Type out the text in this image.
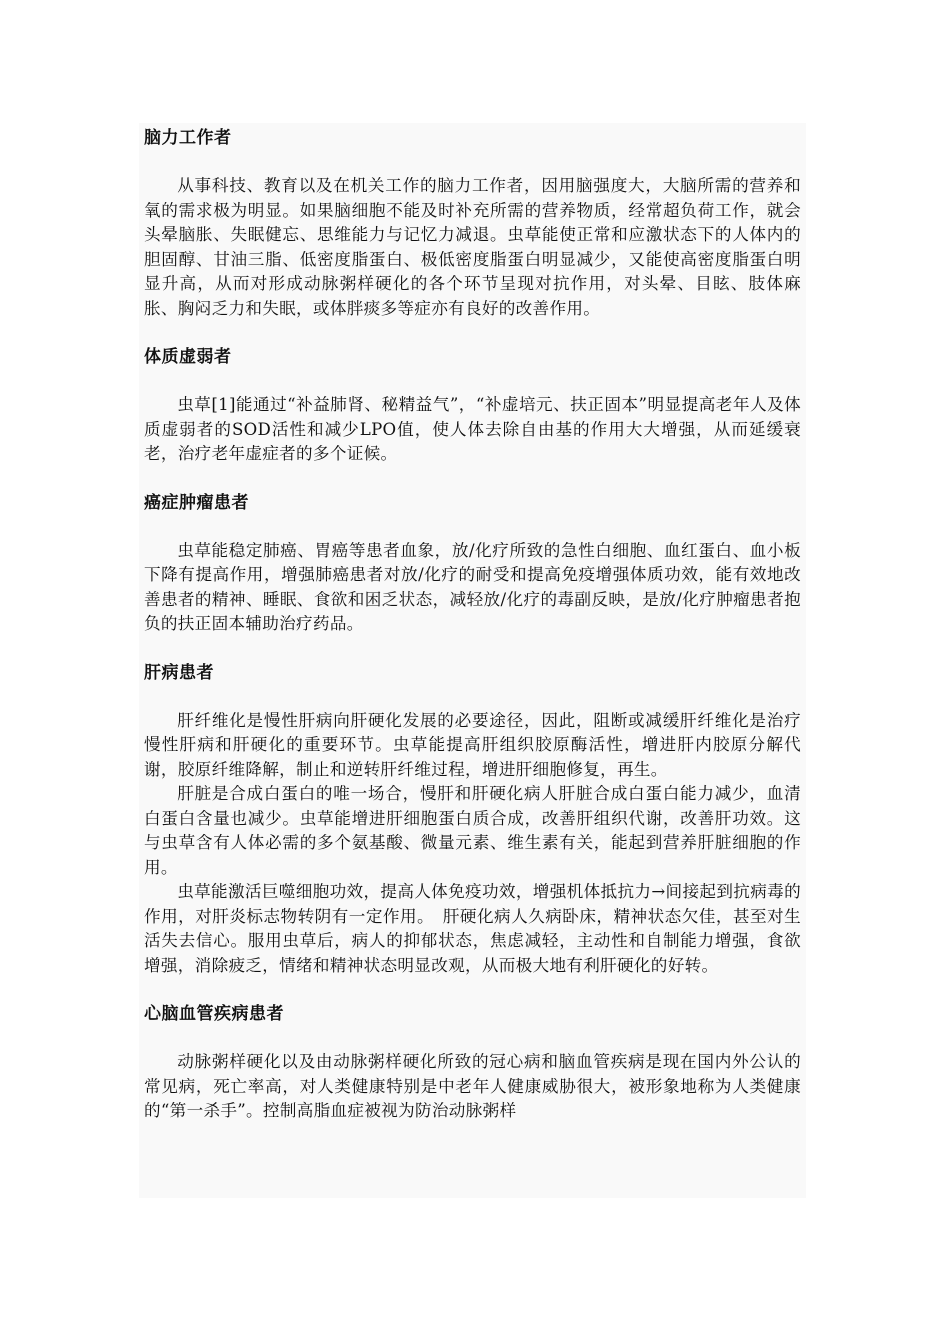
脑力工作者

从事科技、教育以及在机关工作的脑力工作者，因用脑强度大，大脑所需的营养和氧的需求极为明显。如果脑细胞不能及时补充所需的营养物质，经常超负荷工作，就会头晕脑胀、失眠健忘、思维能力与记忆力减退。虫草能使正常和应激状态下的人体内的胆固醇、甘油三脂、低密度脂蛋白、极低密度脂蛋白明显减少，又能使高密度脂蛋白明显升高，从而对形成动脉粥样硬化的各个环节呈现对抗作用，对头晕、目眩、肢体麻胀、胸闷乏力和失眠，或体胖痰多等症亦有良好的改善作用。

体质虚弱者

虫草[1]能通过“补益肺肾、秘精益气”，“补虚培元、扶正固本”明显提高老年人及体质虚弱者的SOD活性和减少LPO值，使人体去除自由基的作用大大增强，从而延缓衰老，治疗老年虚症者的多个证候。

癌症肿瘤患者

虫草能稳定肺癌、胃癌等患者血象，放/化疗所致的急性白细胞、血红蛋白、血小板下降有提高作用，增强肺癌患者对放/化疗的耐受和提高免疫增强体质功效，能有效地改善患者的精神、睡眠、食欲和困乏状态，减轻放/化疗的毒副反映，是放/化疗肿瘤患者抱负的扶正固本辅助治疗药品。

肝病患者

肝纤维化是慢性肝病向肝硬化发展的必要途径，因此，阻断或减缓肝纤维化是治疗慢性肝病和肝硬化的重要环节。虫草能提高肝组织胶原酶活性，增进肝内胶原分解代谢，胶原纤维降解，制止和逆转肝纤维过程，增进肝细胞修复，再生。

肝脏是合成白蛋白的唯一场合，慢肝和肝硬化病人肝脏合成白蛋白能力减少，血清白蛋白含量也减少。虫草能增进肝细胞蛋白质合成，改善肝组织代谢，改善肝功效。这与虫草含有人体必需的多个氨基酸、微量元素、维生素有关，能起到营养肝脏细胞的作用。

虫草能激活巨噬细胞功效，提高人体免疫功效，增强机体抵抗力→间接起到抗病毒的作用，对肝炎标志物转阴有一定作用。　肝硬化病人久病卧床，精神状态欠佳，甚至对生活失去信心。服用虫草后，病人的抑郁状态，焦虑减轻，主动性和自制能力增强，食欲增强，消除疲乏，情绪和精神状态明显改观，从而极大地有利肝硬化的好转。

心脑血管疾病患者

动脉粥样硬化以及由动脉粥样硬化所致的冠心病和脑血管疾病是现在国内外公认的常见病，死亡率高，对人类健康特别是中老年人健康威胁很大，被形象地称为人类健康的“第一杀手”。控制高脂血症被视为防治动脉粥样
